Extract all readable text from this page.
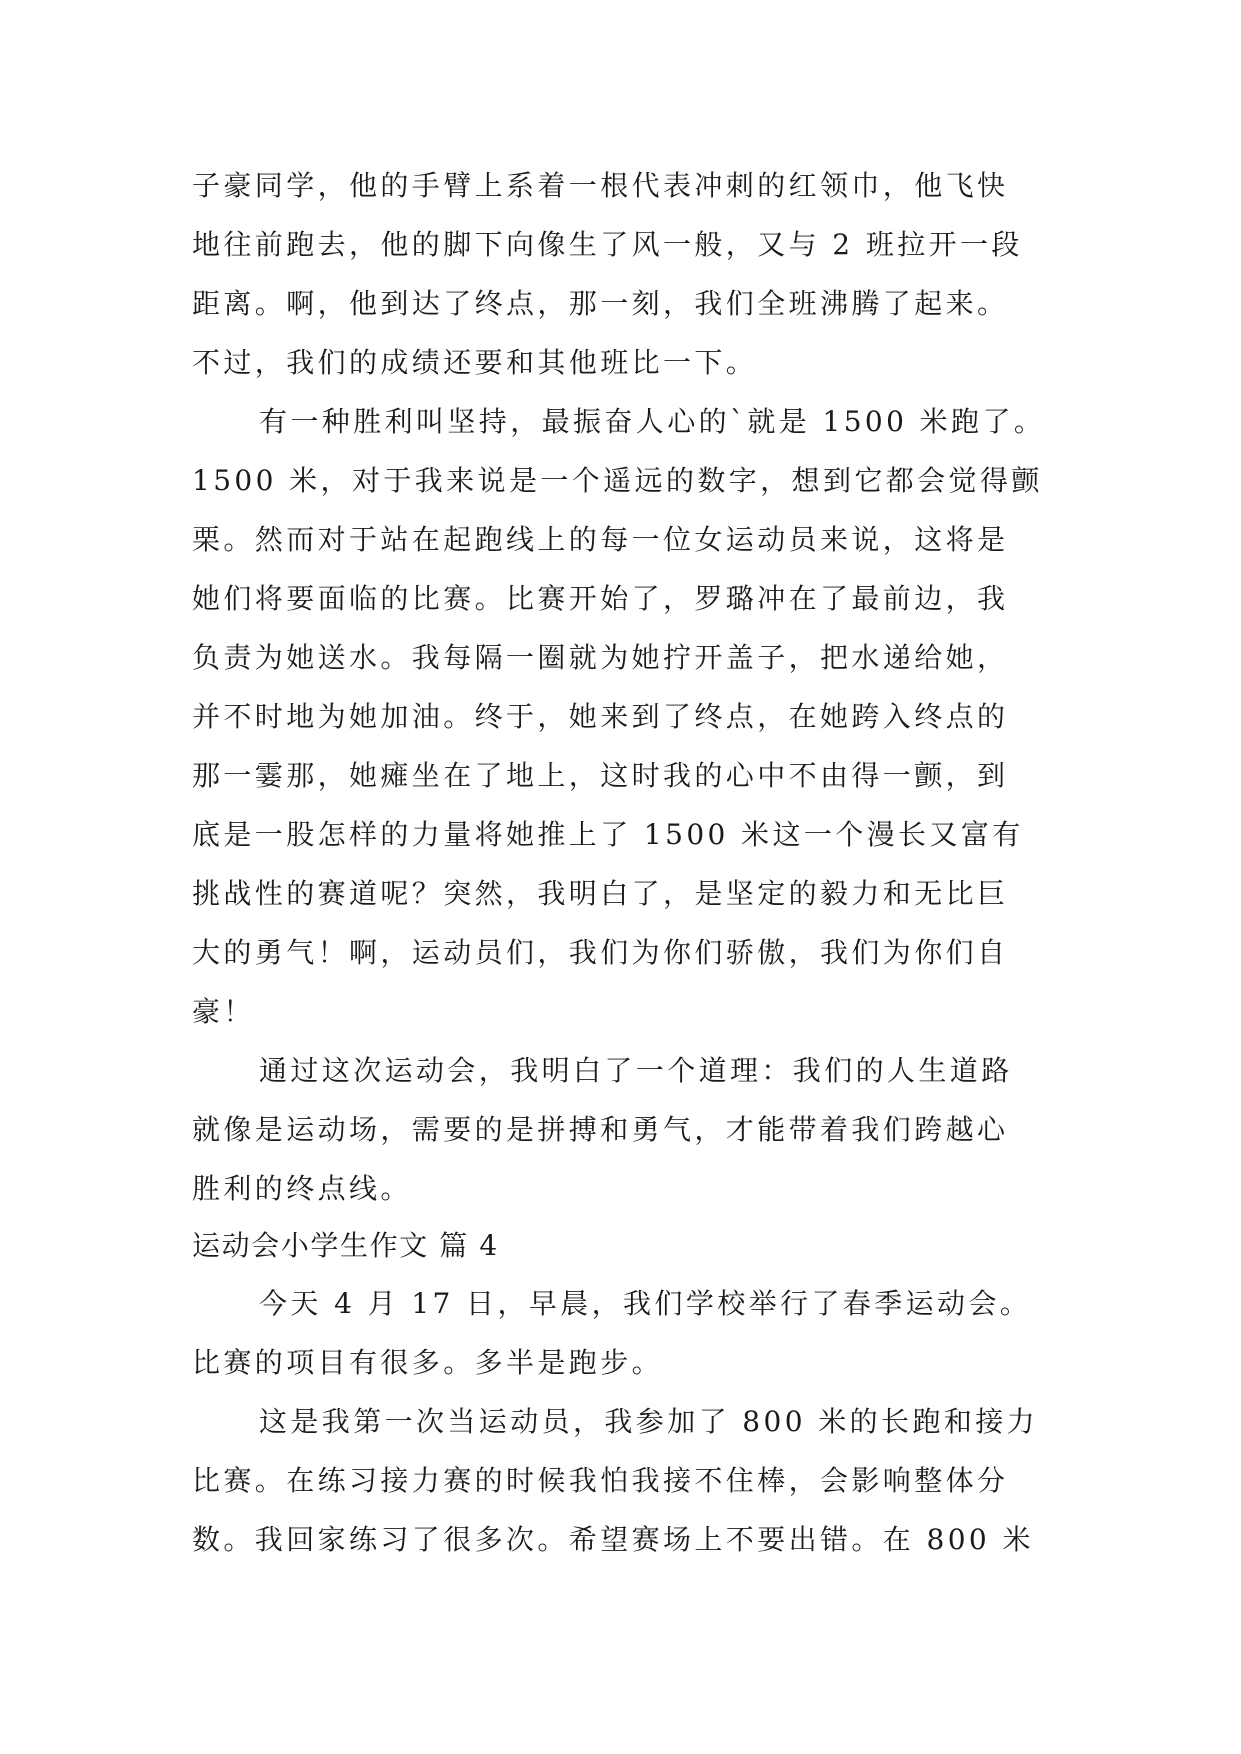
子豪同学，他的手臂上系着一根代表冲刺的红领巾，他飞快
地往前跑去，他的脚下向像生了风一般，又与 2 班拉开一段
距离。啊，他到达了终点，那一刻，我们全班沸腾了起来。
不过，我们的成绩还要和其他班比一下。
有一种胜利叫坚持，最振奋人心的`就是 1500 米跑了。
1500 米，对于我来说是一个遥远的数字，想到它都会觉得颤
栗。然而对于站在起跑线上的每一位女运动员来说，这将是
她们将要面临的比赛。比赛开始了，罗璐冲在了最前边，我
负责为她送水。我每隔一圈就为她拧开盖子，把水递给她，
并不时地为她加油。终于，她来到了终点，在她跨入终点的
那一霎那，她瘫坐在了地上，这时我的心中不由得一颤，到
底是一股怎样的力量将她推上了 1500 米这一个漫长又富有
挑战性的赛道呢？突然，我明白了，是坚定的毅力和无比巨
大的勇气！啊，运动员们，我们为你们骄傲，我们为你们自
豪！
通过这次运动会，我明白了一个道理：我们的人生道路
就像是运动场，需要的是拼搏和勇气，才能带着我们跨越心
胜利的终点线。
运动会小学生作文 篇 4
今天 4 月 17 日，早晨，我们学校举行了春季运动会。
比赛的项目有很多。多半是跑步。
这是我第一次当运动员，我参加了 800 米的长跑和接力
比赛。在练习接力赛的时候我怕我接不住棒，会影响整体分
数。我回家练习了很多次。希望赛场上不要出错。在 800 米
